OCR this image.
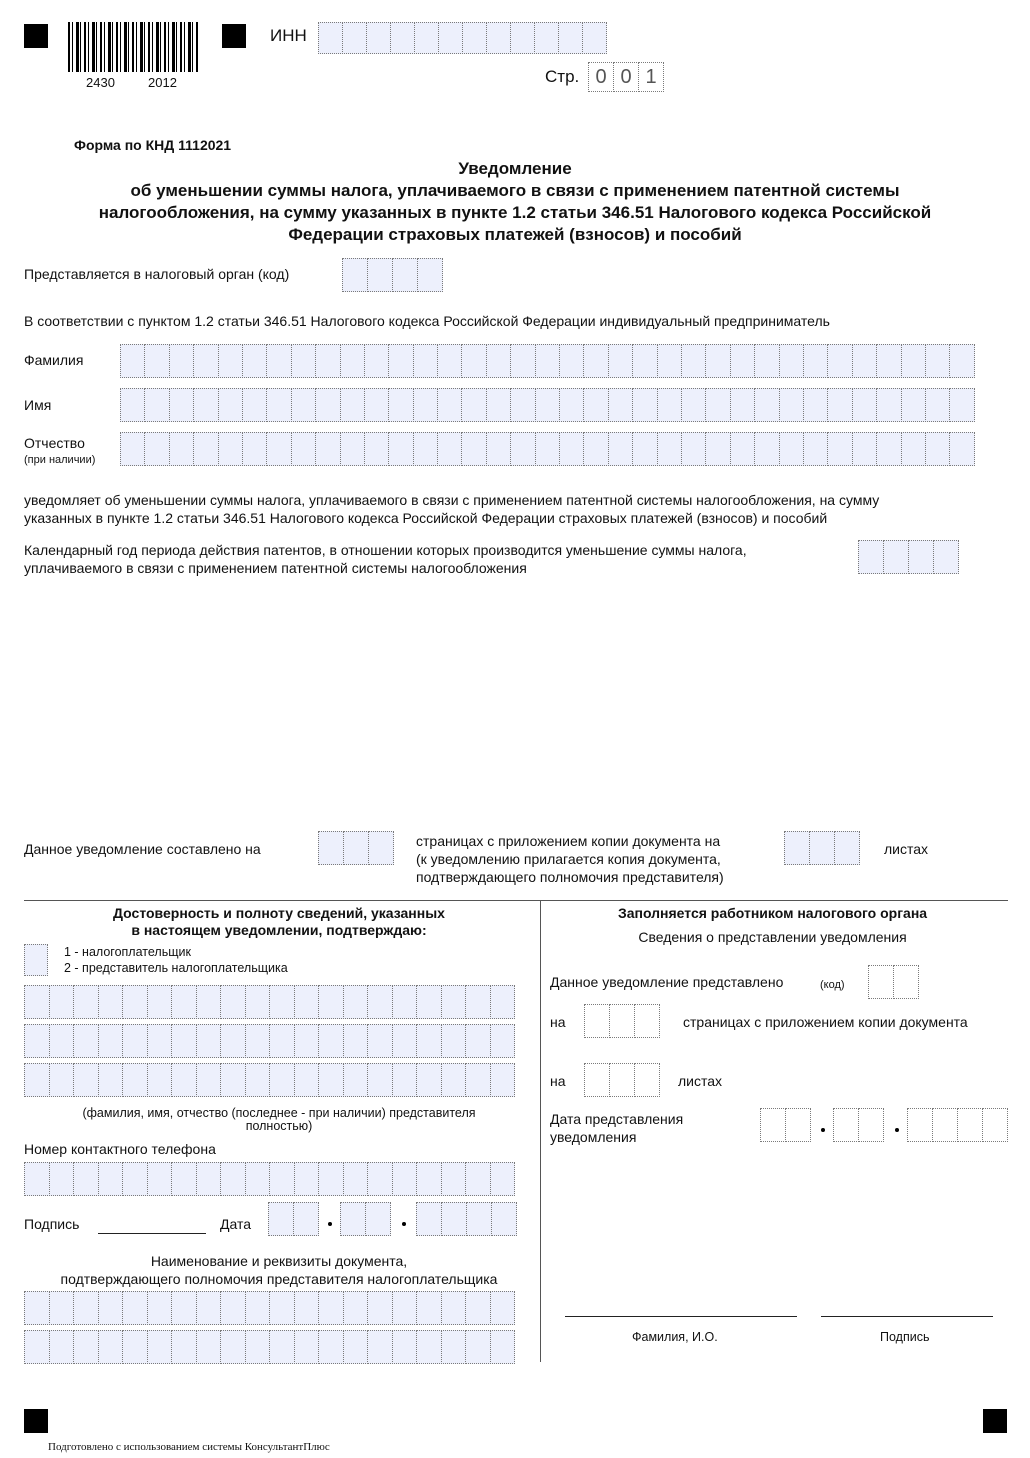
2430	2012
ИНН
Стр. 0 0 1
Форма по КНД 1112021
Уведомление
об уменьшении суммы налога, уплачиваемого в связи с применением патентной системы
налогообложения, на сумму указанных в пункте 1.2 статьи 346.51 Налогового кодекса Российской
Федерации страховых платежей (взносов) и пособий
Представляется в налоговый орган (код)
В соответствии с пунктом 1.2 статьи 346.51 Налогового кодекса Российской Федерации индивидуальный предприниматель
Фамилия
Имя
Отчество
(при наличии)
уведомляет об уменьшении суммы налога, уплачиваемого в связи с применением патентной системы налогообложения, на сумму
указанных в пункте 1.2 статьи 346.51 Налогового кодекса Российской Федерации страховых платежей (взносов) и пособий
Календарный год периода действия патентов, в отношении которых производится уменьшение суммы налога,
уплачиваемого в связи с применением патентной системы налогообложения
Данное уведомление составлено на	страницах с приложением копии документа на
(к уведомлению прилагается копия документа,
подтверждающего полномочия представителя)
листах
Достоверность и полноту сведений, указанных
в настоящем уведомлении, подтверждаю:
1 - налогоплательщик
2 - представитель налогоплательщика
(фамилия, имя, отчество (последнее - при наличии) представителя
полностью)
Номер контактного телефона
Подпись	Дата
Наименование и реквизиты документа,
подтверждающего полномочия представителя налогоплательщика
Заполняется работником налогового органа
Сведения о представлении уведомления
Данное уведомление представлено	(код)
на	страницах с приложением копии документа
на	листах
Дата представления
уведомления
Фамилия, И.О.	Подпись
Подготовлено с использованием системы КонсультантПлюс
